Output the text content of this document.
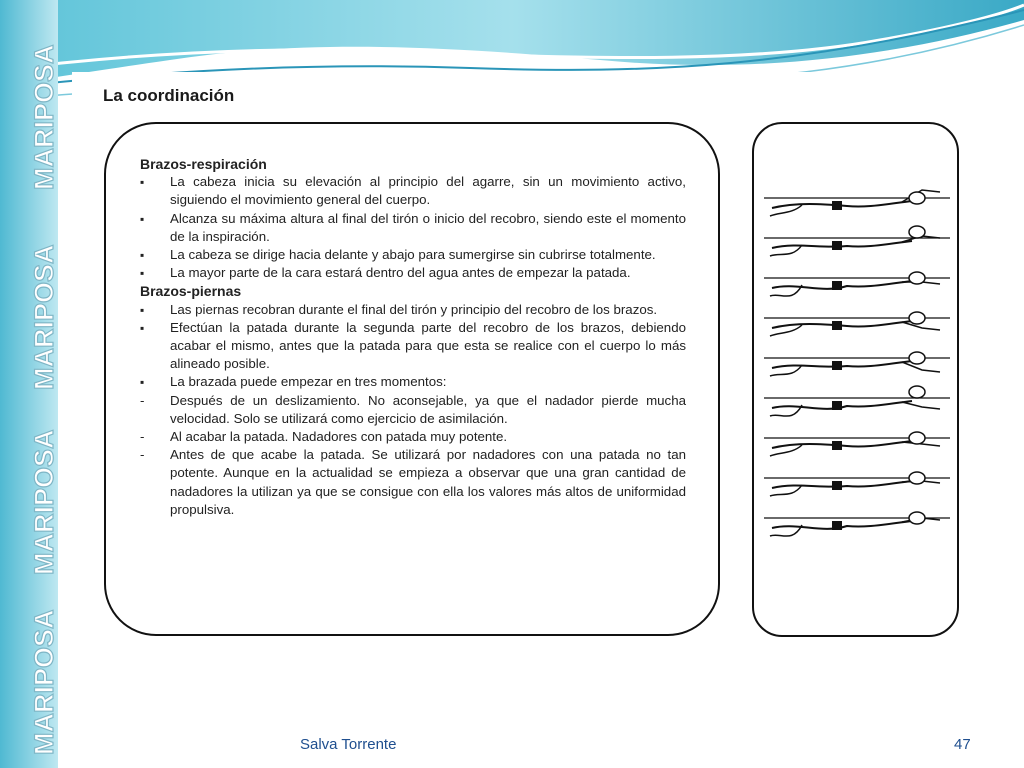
MARIPOSA
MARIPOSA
MARIPOSA
MARIPOSA
La coordinación

Brazos-respiración

▪ La cabeza inicia su elevación al principio del agarre, sin un movimiento activo, siguiendo el movimiento general del cuerpo.
▪ Alcanza su máxima altura al final del tirón o inicio del recobro, siendo este el momento de la inspiración.
▪ La cabeza se dirige hacia delante y abajo para sumergirse sin cubrirse totalmente.
▪ La mayor parte de la cara estará dentro del agua antes de empezar la patada.

Brazos-piernas

▪ Las piernas recobran durante el final del tirón y principio del recobro de los brazos.
▪ Efectúan la patada durante la segunda parte del recobro de los brazos, debiendo acabar el mismo, antes que la patada para que esta se realice con el cuerpo lo más alineado posible.
▪ La brazada puede empezar en tres momentos:
- Después de un deslizamiento. No aconsejable, ya que el nadador pierde mucha velocidad. Solo se utilizará como ejercicio de asimilación.
- Al acabar la patada. Nadadores con patada muy potente.
- Antes de que acabe la patada. Se utilizará por nadadores con una patada no tan potente. Aunque en la actualidad se empieza a observar que una gran cantidad de nadadores la utilizan ya que se consigue con ella los valores más altos de uniformidad propulsiva.
Salva Torrente	47
